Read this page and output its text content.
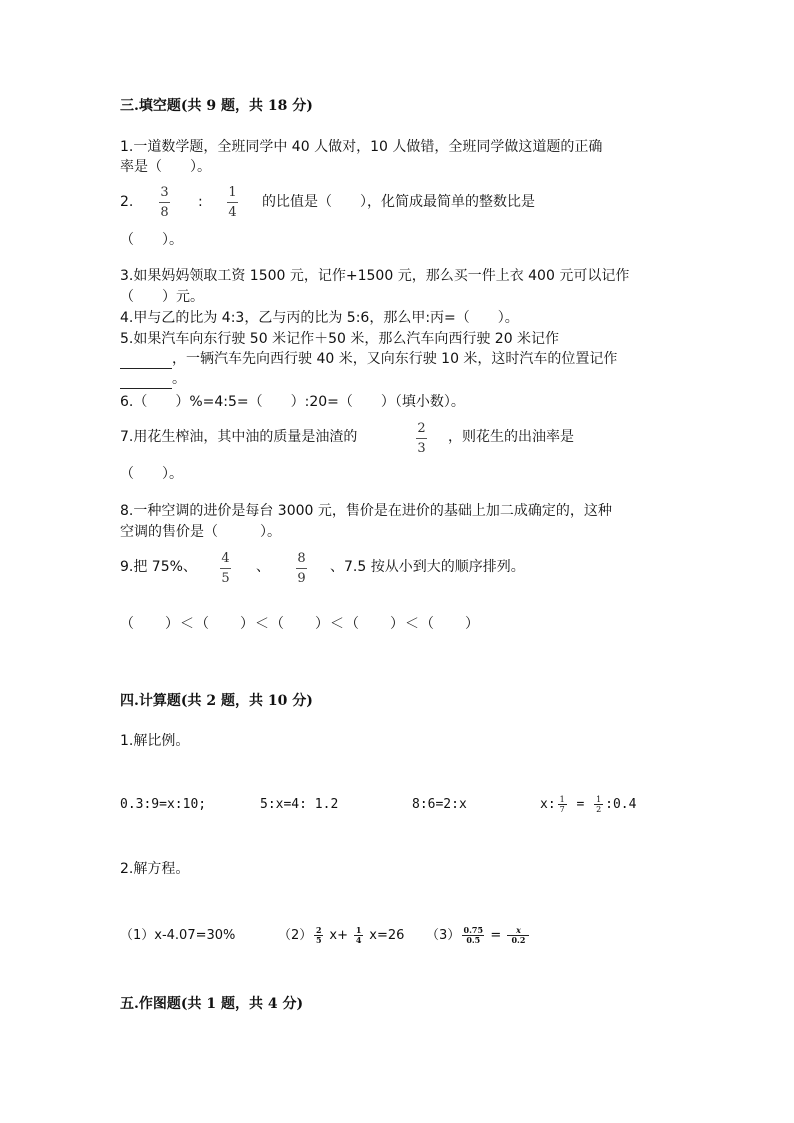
三.填空题(共 9 题，共 18 分)
1.一道数学题，全班同学中 40 人做对，10 人做错，全班同学做这道题的正确
率是（　　）。
2.
3
8
:
1
4
的比值是（　　），化简成最简单的整数比是
（　　）。
3.如果妈妈领取工资 1500 元，记作+1500 元，那么买一件上衣 400 元可以记作
（　　）元。
4.甲与乙的比为 4:3，乙与丙的比为 5:6，那么甲:丙=（　　）。
5.如果汽车向东行驶 50 米记作＋50 米，那么汽车向西行驶 20 米记作
，一辆汽车先向西行驶 40 米，又向东行驶 10 米，这时汽车的位置记作
。
6.（　　）%=4:5=（　　）:20=（　　）（填小数）。
7.用花生榨油，其中油的质量是油渣的
2
3
，则花生的出油率是
（　　）。
8.一种空调的进价是每台 3000 元，售价是在进价的基础上加二成确定的，这种
空调的售价是（　　　）。
9.把 75%、
4
5
、
8
9
、7.5 按从小到大的顺序排列。
（　　）＜（　　）＜（　　）＜（　　）＜（　　）
四.计算题(共 2 题，共 10 分)
1.解比例。
0.3:9=x:10;	5:x=4: 1.2	8:6=2:x	x: $\frac{1}{7} = \frac{1}{2}$ :0.4
2.解方程。
（1）x-4.07=30%	$(2) \frac{2}{5} x+ \frac{1}{4} x=26$ $(3) \frac{0.75}{0.5} = \frac{x}{0.2}$
五.作图题(共 1 题，共 4 分)
